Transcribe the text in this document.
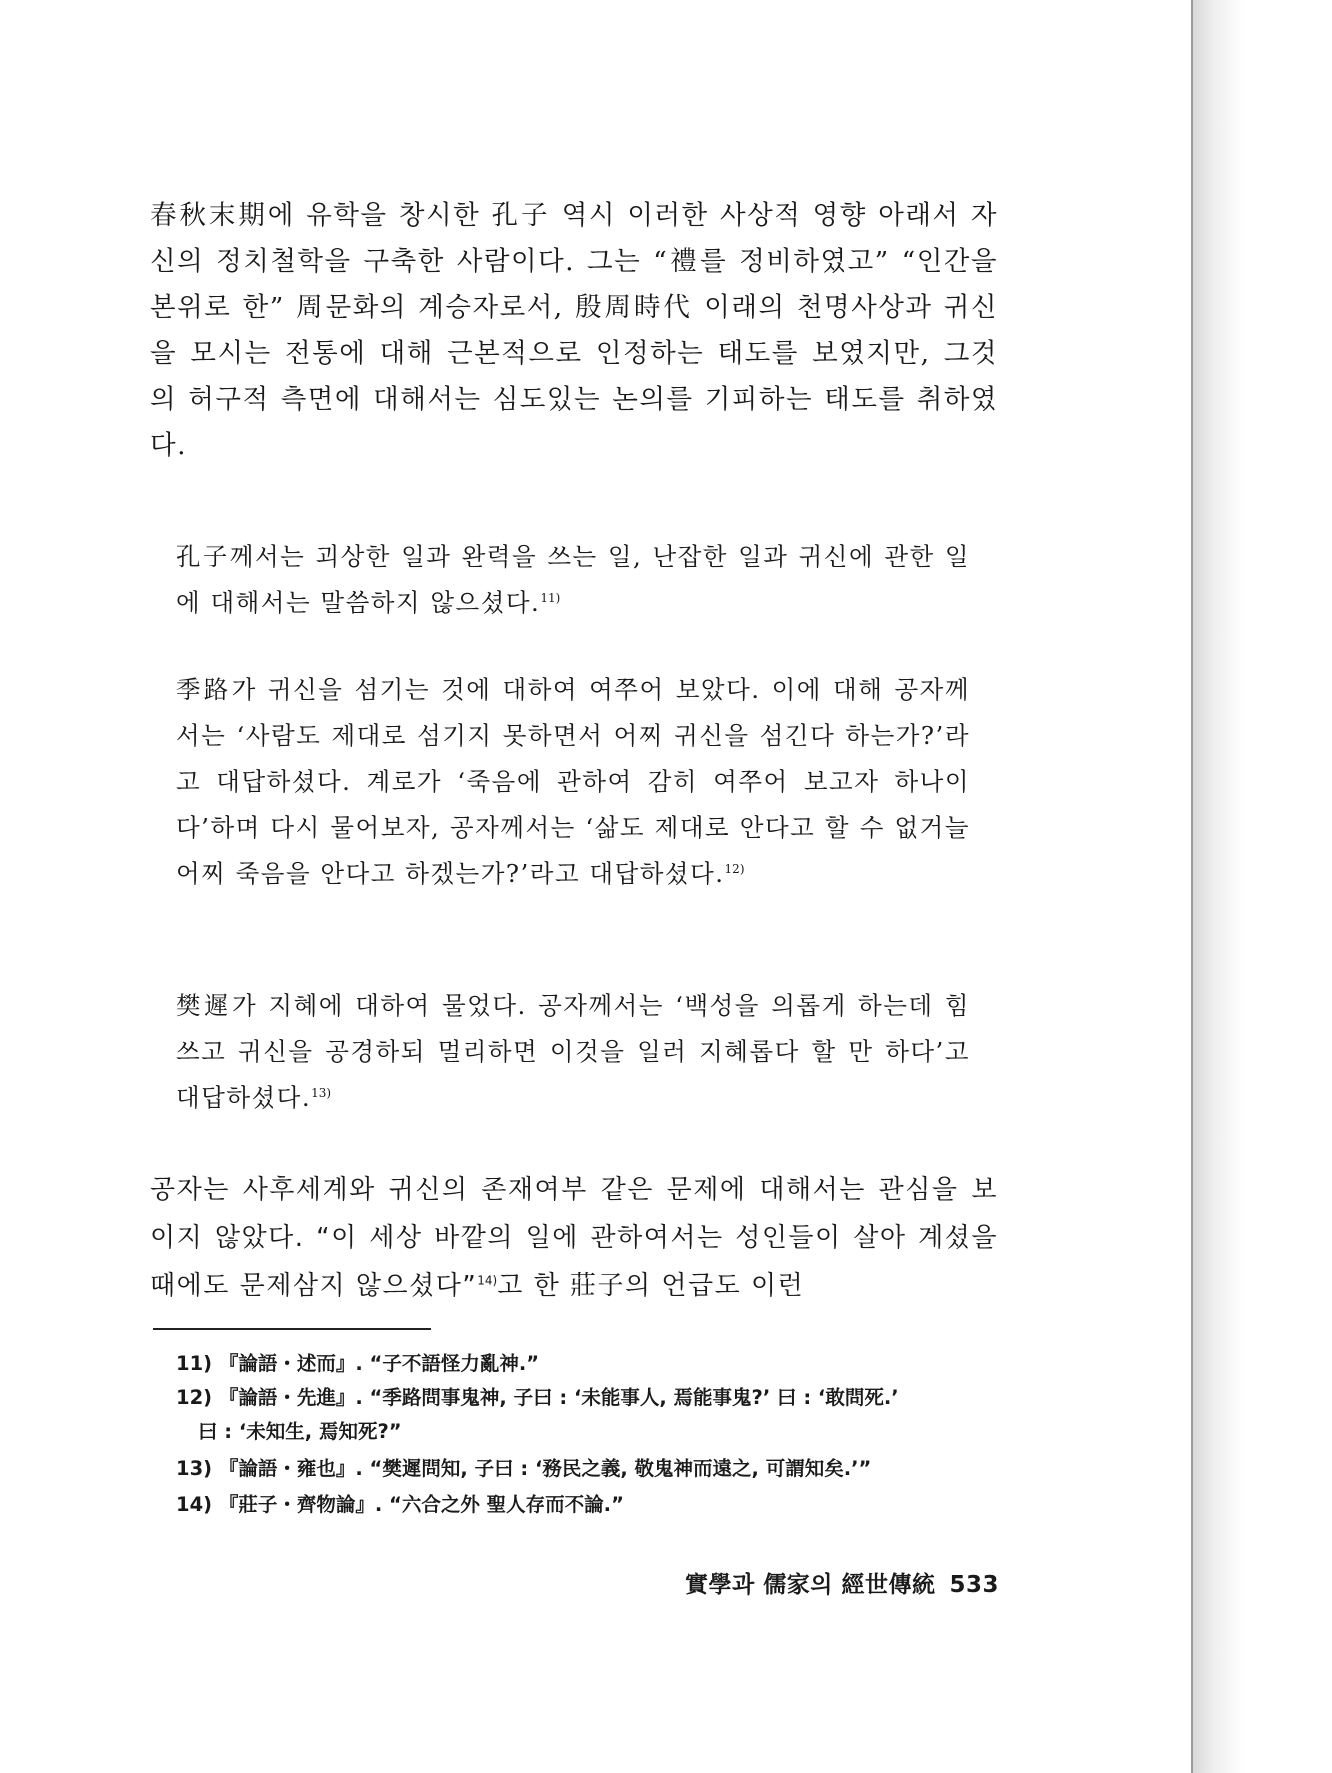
春秋末期에 유학을 창시한 孔子 역시 이러한 사상적 영향 아래서 자신의 정치철학을 구축한 사람이다. 그는 “禮를 정비하였고” “인간을 본위로 한” 周문화의 계승자로서, 殷周時代 이래의 천명사상과 귀신을 모시는 전통에 대해 근본적으로 인정하는 태도를 보였지만, 그것의 허구적 측면에 대해서는 심도있는 논의를 기피하는 태도를 취하였다.

孔子께서는 괴상한 일과 완력을 쓰는 일, 난잡한 일과 귀신에 관한 일에 대해서는 말씀하지 않으셨다.$^{11)}$

季路가 귀신을 섬기는 것에 대하여 여쭈어 보았다. 이에 대해 공자께서는 ‘사람도 제대로 섬기지 못하면서 어찌 귀신을 섬긴다 하는가?’라고 대답하셨다. 계로가 ‘죽음에 관하여 감히 여쭈어 보고자 하나이다’하며 다시 물어보자, 공자께서는 ‘삶도 제대로 안다고 할 수 없거늘 어찌 죽음을 안다고 하겠는가?’라고 대답하셨다.$^{12)}$

樊遲가 지혜에 대하여 물었다. 공자께서는 ‘백성을 의롭게 하는데 힘쓰고 귀신을 공경하되 멀리하면 이것을 일러 지혜롭다 할 만 하다’고 대답하셨다.$^{13)}$

공자는 사후세계와 귀신의 존재여부 같은 문제에 대해서는 관심을 보이지 않았다. “이 세상 바깥의 일에 관하여서는 성인들이 살아 계셨을 때에도 문제삼지 않으셨다”$^{14)}$고 한 莊子의 언급도 이런

11) 『論語・述而』. “子不語怪力亂神.”

12) 『論語・先進』. “季路問事鬼神, 子曰 : ‘未能事人, 焉能事鬼?’ 曰 : ‘敢問死.’

曰 : ‘未知生, 焉知死?”

13) 『論語・雍也』. “樊遲問知, 子曰 : ‘務民之義, 敬鬼神而遠之, 可謂知矣.’”

14) 『莊子・齊物論』. “六合之外 聖人存而不論.”

實學과 儒家의 經世傳統 533
